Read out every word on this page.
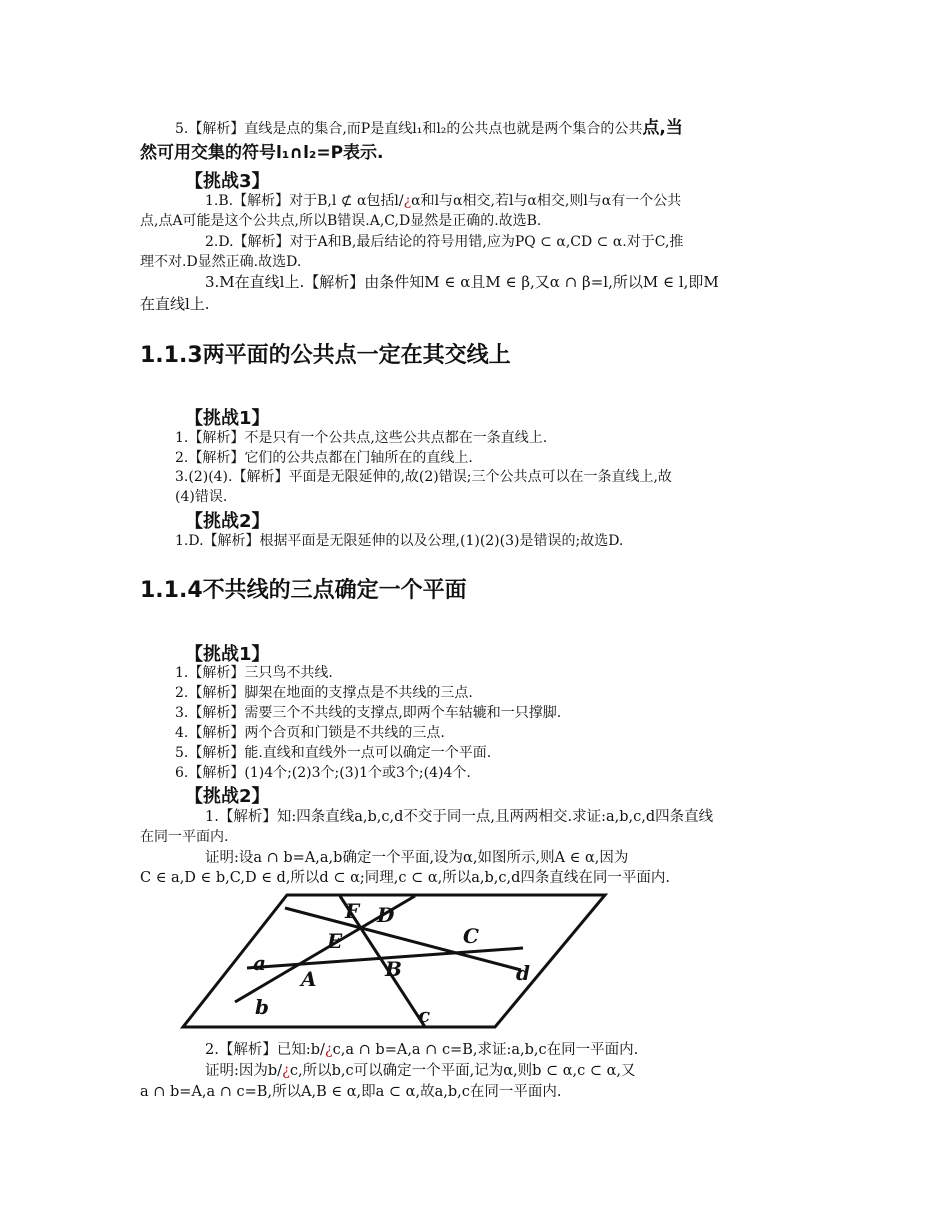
5.【解析】直线是点的集合,而P是直线l₁和l₂的公共点也就是两个集合的公共点,当
然可用交集的符号l₁∩l₂=P表示.
【挑战3】
1.B.【解析】对于B,l ⊄ α包括l/¿α和l与α相交,若l与α相交,则l与α有一个公共
点,点A可能是这个公共点,所以B错误.A,C,D显然是正确的.故选B.
2.D.【解析】对于A和B,最后结论的符号用错,应为PQ ⊂ α,CD ⊂ α.对于C,推
理不对.D显然正确.故选D.
3.M在直线l上.【解析】由条件知M ∈ α且M ∈ β,又α ∩ β=l,所以M ∈ l,即M
在直线l上.
1.1.3两平面的公共点一定在其交线上
【挑战1】
1.【解析】不是只有一个公共点,这些公共点都在一条直线上.
2.【解析】它们的公共点都在门轴所在的直线上.
3.(2)(4).【解析】平面是无限延伸的,故(2)错误;三个公共点可以在一条直线上,故
(4)错误.
【挑战2】
1.D.【解析】根据平面是无限延伸的以及公理,(1)(2)(3)是错误的;故选D.
1.1.4不共线的三点确定一个平面
【挑战1】
1.【解析】三只鸟不共线.
2.【解析】脚架在地面的支撑点是不共线的三点.
3.【解析】需要三个不共线的支撑点,即两个车轱辘和一只撑脚.
4.【解析】两个合页和门锁是不共线的三点.
5.【解析】能.直线和直线外一点可以确定一个平面.
6.【解析】(1)4个;(2)3个;(3)1个或3个;(4)4个.
【挑战2】
1.【解析】知:四条直线a,b,c,d不交于同一点,且两两相交.求证:a,b,c,d四条直线
在同一平面内.
证明:设a ∩ b=A,a,b确定一个平面,设为α,如图所示,则A ∈ α,因为
C ∈ a,D ∈ b,C,D ∈ d,所以d ⊂ α;同理,c ⊂ α,所以a,b,c,d四条直线在同一平面内.
F D
E	C
a	B	d
A
b	c
2.【解析】已知:b/¿c,a ∩ b=A,a ∩ c=B,求证:a,b,c在同一平面内.
证明:因为b/¿c,所以b,c可以确定一个平面,记为α,则b ⊂ α,c ⊂ α,又
a ∩ b=A,a ∩ c=B,所以A,B ∈ α,即a ⊂ α,故a,b,c在同一平面内.
